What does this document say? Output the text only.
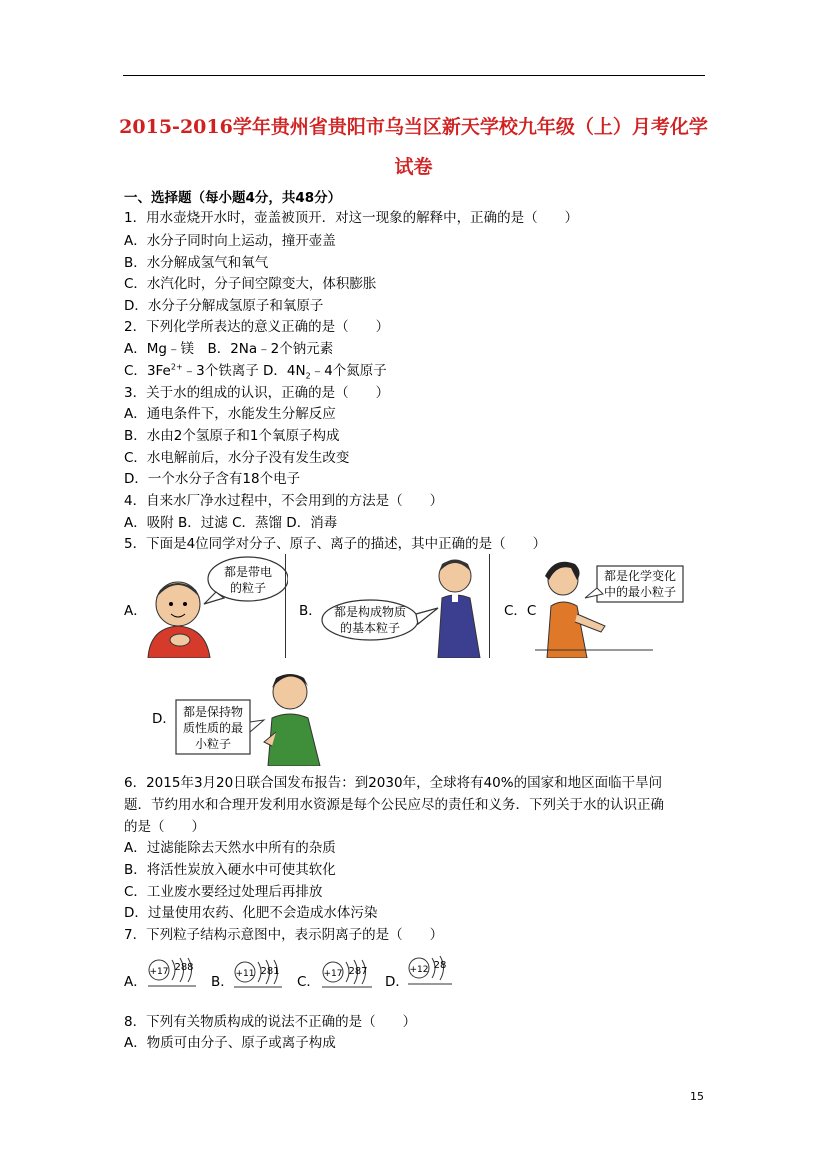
2015-2016学年贵州省贵阳市乌当区新天学校九年级（上）月考化学
试卷
一、选择题（每小题4分，共48分）
1．用水壶烧开水时，壶盖被顶开．对这一现象的解释中，正确的是（　　）
A．水分子同时向上运动，撞开壶盖
B．水分解成氢气和氧气
C．水汽化时，分子间空隙变大，体积膨胀
D．水分子分解成氢原子和氧原子
2．下列化学所表达的意义正确的是（　　）
A．Mg﹣镁　B．2Na﹣2个钠元素
C．$3Fe^{2+}﹣3$个铁离子 D．$4N_2﹣4$个氮原子
3．关于水的组成的认识，正确的是（　　）
A．通电条件下，水能发生分解反应
B．水由2个氢原子和1个氧原子构成
C．水电解前后，水分子没有发生改变
D．一个水分子含有18个电子
4．自来水厂净水过程中，不会用到的方法是（　　）
A．吸附 B．过滤 C．蒸馏 D．消毒
5．下面是4位同学对分子、原子、离子的描述，其中正确的是（　　）
A．
都是带电
的粒子
B． 都是构成物质
的基本粒子
C．C
都是化学变化
中的最小粒子
D． 都是保持物
质性质的最
小粒子
6．2015年3月20日联合国发布报告：到2030年，全球将有40%的国家和地区面临干旱问
题．节约用水和合理开发利用水资源是每个公民应尽的责任和义务．下列关于水的认识正确
的是（　　）
A．过滤能除去天然水中所有的杂质
B．将活性炭放入硬水中可使其软化
C．工业废水要经过处理后再排放
D．过量使用农药、化肥不会造成水体污染
7．下列粒子结构示意图中，表示阴离子的是（　　）
A．
+17 288
B． +11 281
C． +17 287
D．
+12 28
8．下列有关物质构成的说法不正确的是（　　）
A．物质可由分子、原子或离子构成
15
